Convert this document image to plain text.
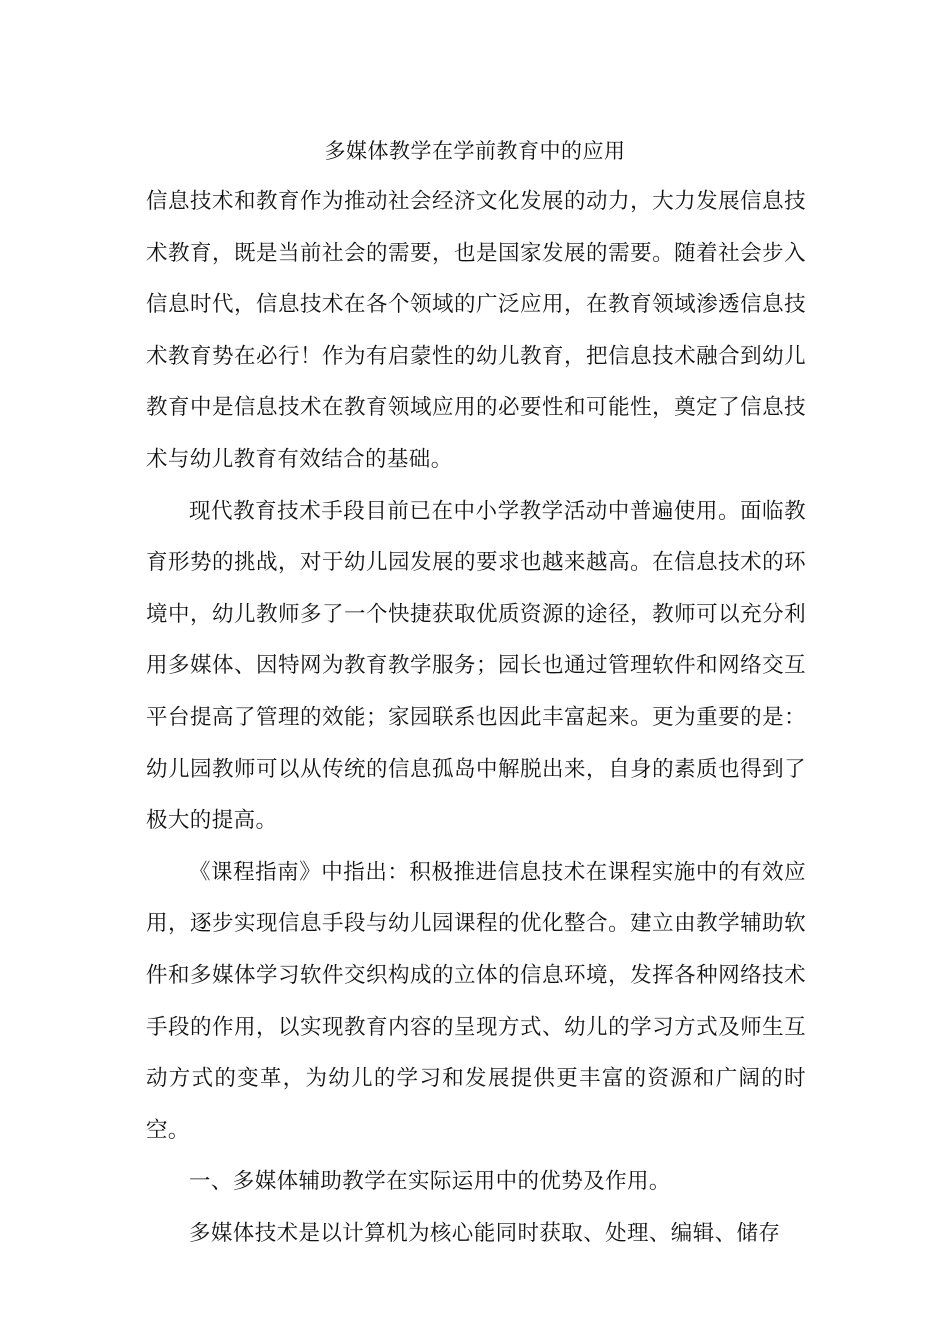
多媒体教学在学前教育中的应用

信息技术和教育作为推动社会经济文化发展的动力，大力发展信息技术教育，既是当前社会的需要，也是国家发展的需要。随着社会步入信息时代，信息技术在各个领域的广泛应用，在教育领域渗透信息技术教育势在必行！作为有启蒙性的幼儿教育，把信息技术融合到幼儿教育中是信息技术在教育领域应用的必要性和可能性，奠定了信息技术与幼儿教育有效结合的基础。

现代教育技术手段目前已在中小学教学活动中普遍使用。面临教育形势的挑战，对于幼儿园发展的要求也越来越高。在信息技术的环境中，幼儿教师多了一个快捷获取优质资源的途径，教师可以充分利用多媒体、因特网为教育教学服务；园长也通过管理软件和网络交互平台提高了管理的效能；家园联系也因此丰富起来。更为重要的是：幼儿园教师可以从传统的信息孤岛中解脱出来，自身的素质也得到了极大的提高。

《课程指南》中指出：积极推进信息技术在课程实施中的有效应用，逐步实现信息手段与幼儿园课程的优化整合。建立由教学辅助软件和多媒体学习软件交织构成的立体的信息环境，发挥各种网络技术手段的作用，以实现教育内容的呈现方式、幼儿的学习方式及师生互动方式的变革，为幼儿的学习和发展提供更丰富的资源和广阔的时空。

一、多媒体辅助教学在实际运用中的优势及作用。

多媒体技术是以计算机为核心能同时获取、处理、编辑、储存
